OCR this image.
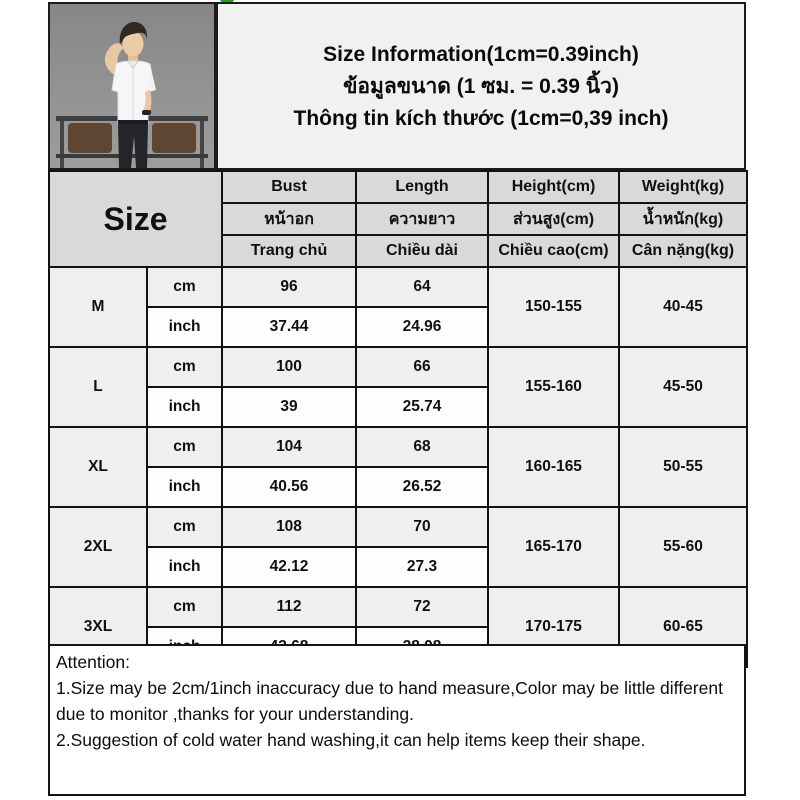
Size Information(1cm=0.39inch)
ข้อมูลขนาด (1 ซม. = 0.39 นิ้ว)
Thông tin kích thước (1cm=0,39 inch)
Size		Bust	Length	Height(cm)	Weight(kg)
		หน้าอก	ความยาว	ส่วนสูง(cm)	น้ำหนัก(kg)
		Trang chủ	Chiều dài	Chiều cao(cm)	Cân nặng(kg)
M	cm	96	64	150-155	40-45
	inch	37.44	24.96		
L	cm	100	66	155-160	45-50
	inch	39	25.74		
XL	cm	104	68	160-165	50-55
	inch	40.56	26.52		
2XL	cm	108	70	165-170	55-60
	inch	42.12	27.3		
3XL	cm	112	72	170-175	60-65

Attention:

1.Size may be 2cm/1inch inaccuracy due to hand measure,Color may be little different due to monitor ,thanks for your understanding.

2.Suggestion of cold water hand washing,it can help items keep their shape.
